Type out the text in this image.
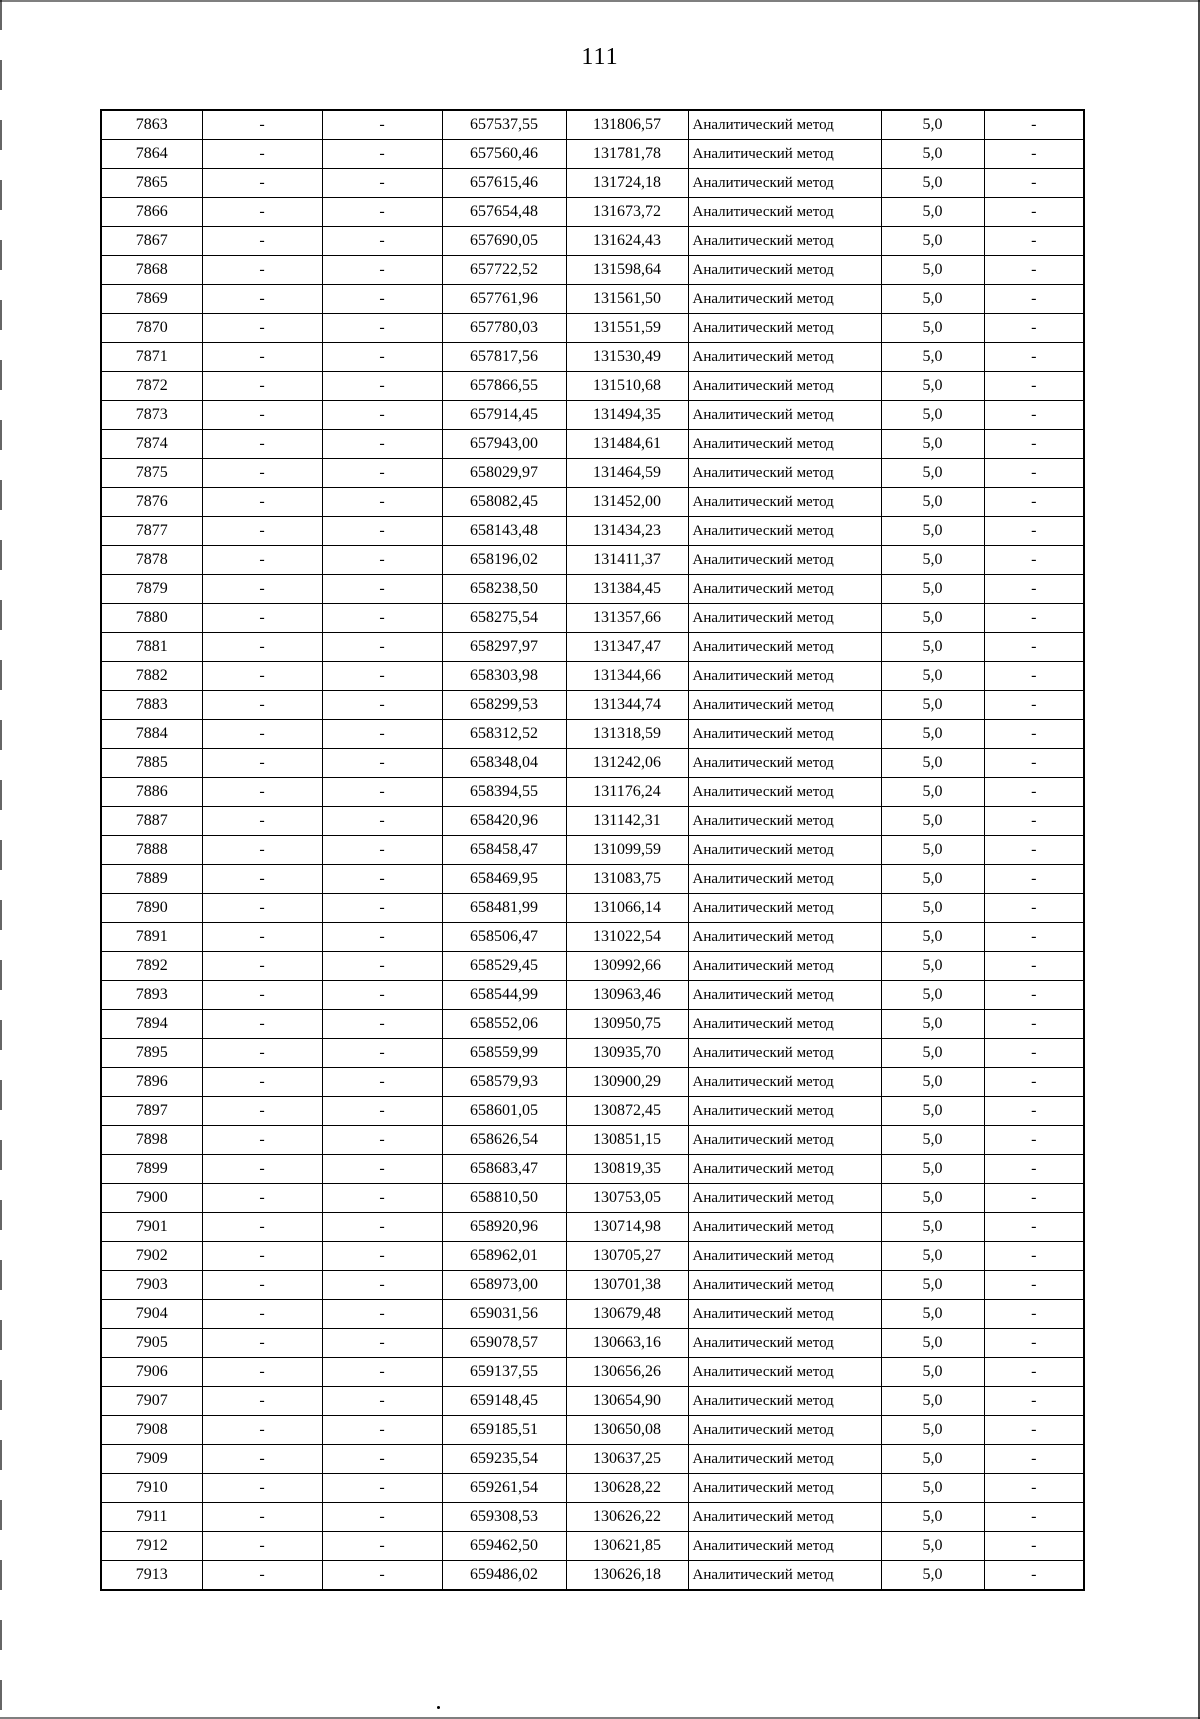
111
7863	-	-	657537,55	131806,57	Аналитический метод	5,0	-
7864	-	-	657560,46	131781,78	Аналитический метод	5,0	-
7865	-	-	657615,46	131724,18	Аналитический метод	5,0	-
7866	-	-	657654,48	131673,72	Аналитический метод	5,0	-
7867	-	-	657690,05	131624,43	Аналитический метод	5,0	-
7868	-	-	657722,52	131598,64	Аналитический метод	5,0	-
7869	-	-	657761,96	131561,50	Аналитический метод	5,0	-
7870	-	-	657780,03	131551,59	Аналитический метод	5,0	-
7871	-	-	657817,56	131530,49	Аналитический метод	5,0	-
7872	-	-	657866,55	131510,68	Аналитический метод	5,0	-
7873	-	-	657914,45	131494,35	Аналитический метод	5,0	-
7874	-	-	657943,00	131484,61	Аналитический метод	5,0	-
7875	-	-	658029,97	131464,59	Аналитический метод	5,0	-
7876	-	-	658082,45	131452,00	Аналитический метод	5,0	-
7877	-	-	658143,48	131434,23	Аналитический метод	5,0	-
7878	-	-	658196,02	131411,37	Аналитический метод	5,0	-
7879	-	-	658238,50	131384,45	Аналитический метод	5,0	-
7880	-	-	658275,54	131357,66	Аналитический метод	5,0	-
7881	-	-	658297,97	131347,47	Аналитический метод	5,0	-
7882	-	-	658303,98	131344,66	Аналитический метод	5,0	-
7883	-	-	658299,53	131344,74	Аналитический метод	5,0	-
7884	-	-	658312,52	131318,59	Аналитический метод	5,0	-
7885	-	-	658348,04	131242,06	Аналитический метод	5,0	-
7886	-	-	658394,55	131176,24	Аналитический метод	5,0	-
7887	-	-	658420,96	131142,31	Аналитический метод	5,0	-
7888	-	-	658458,47	131099,59	Аналитический метод	5,0	-
7889	-	-	658469,95	131083,75	Аналитический метод	5,0	-
7890	-	-	658481,99	131066,14	Аналитический метод	5,0	-
7891	-	-	658506,47	131022,54	Аналитический метод	5,0	-
7892	-	-	658529,45	130992,66	Аналитический метод	5,0	-
7893	-	-	658544,99	130963,46	Аналитический метод	5,0	-
7894	-	-	658552,06	130950,75	Аналитический метод	5,0	-
7895	-	-	658559,99	130935,70	Аналитический метод	5,0	-
7896	-	-	658579,93	130900,29	Аналитический метод	5,0	-
7897	-	-	658601,05	130872,45	Аналитический метод	5,0	-
7898	-	-	658626,54	130851,15	Аналитический метод	5,0	-
7899	-	-	658683,47	130819,35	Аналитический метод	5,0	-
7900	-	-	658810,50	130753,05	Аналитический метод	5,0	-
7901	-	-	658920,96	130714,98	Аналитический метод	5,0	-
7902	-	-	658962,01	130705,27	Аналитический метод	5,0	-
7903	-	-	658973,00	130701,38	Аналитический метод	5,0	-
7904	-	-	659031,56	130679,48	Аналитический метод	5,0	-
7905	-	-	659078,57	130663,16	Аналитический метод	5,0	-
7906	-	-	659137,55	130656,26	Аналитический метод	5,0	-
7907	-	-	659148,45	130654,90	Аналитический метод	5,0	-
7908	-	-	659185,51	130650,08	Аналитический метод	5,0	-
7909	-	-	659235,54	130637,25	Аналитический метод	5,0	-
7910	-	-	659261,54	130628,22	Аналитический метод	5,0	-
7911	-	-	659308,53	130626,22	Аналитический метод	5,0	-
7912	-	-	659462,50	130621,85	Аналитический метод	5,0	-
7913	-	-	659486,02	130626,18	Аналитический метод	5,0	-
